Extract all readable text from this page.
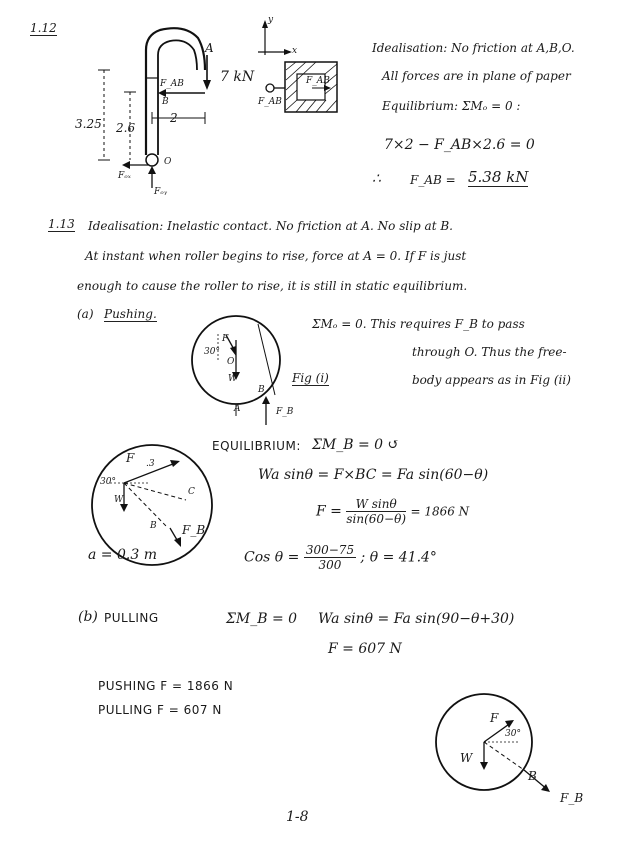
1.12
A
7 kN
F_AB
B
2
3.25 2.6
O
Fₒₓ
Fₒᵧ
y
x
F_AB
F_AB
Idealisation: No friction at A,B,O.
All forces are in plane of paper
Equilibrium: ΣMₒ = 0 :
7×2 − F_AB×2.6 = 0
∴ F_AB = 5.38 kN
1.13 Idealisation: Inelastic contact. No friction at A. No slip at B.
At instant when roller begins to rise, force at A = 0. If F is just
enough to cause the roller to rise, it is still in static equilibrium.
(a) Pushing.
ΣMₒ = 0. This requires F_B to pass
through O. Thus the free-
body appears as in Fig (ii)
F
30°
O
W
B
A	F_B
Fig (i)
EQUILIBRIUM: ΣM_B = 0 ↺
Wa sinθ = F×BC = Fa sin(60−θ)
$F = \frac{\text{W sinθ}}{\sin(60-\theta)} = 1866$ N
F .3
30°
W
C
B F_B
Cos $\theta = \frac{300-75}{300}$ ; θ = 41.4°
a = 0.3 m
(b) PULLING	ΣM_B = 0 Wa sinθ = Fa sin(90−θ+30)
F = 607 N
PUSHING F = 1866 N
PULLING F = 607 N
F
30°
W
B
F_B
1-8
